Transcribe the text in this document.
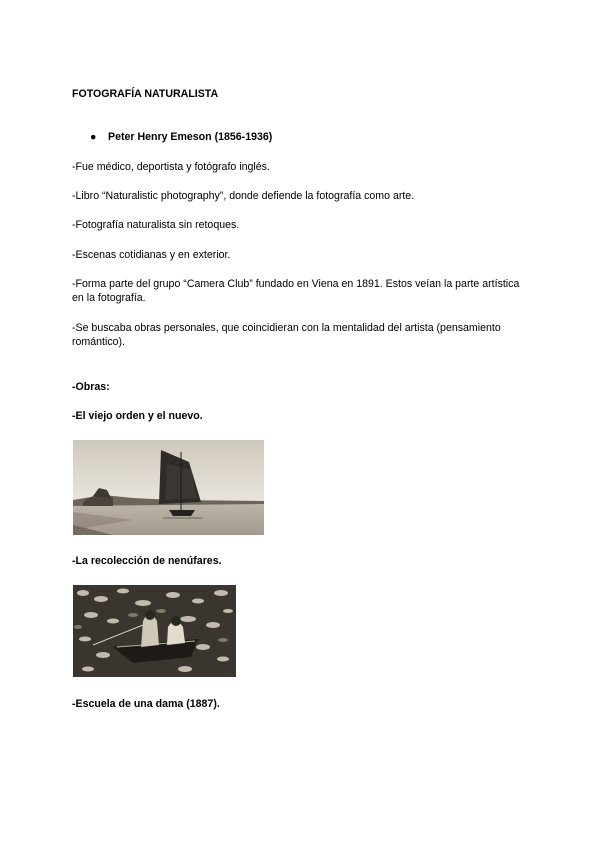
FOTOGRAFÍA NATURALISTA

● Peter Henry Emeson (1856-1936)

-Fue médico, deportista y fotógrafo inglés.

-Libro “Naturalistic photography”, donde defiende la fotografía como arte.

-Fotografía naturalista sin retoques.

-Escenas cotidianas y en exterior.

-Forma parte del grupo “Camera Club” fundado en Viena en 1891. Estos veían la parte artística en la fotografía.

-Se buscaba obras personales, que coincidieran con la mentalidad del artista (pensamiento romántico).

-Obras:

-El viejo orden y el nuevo.

-La recolección de nenúfares.

-Escuela de una dama (1887).
